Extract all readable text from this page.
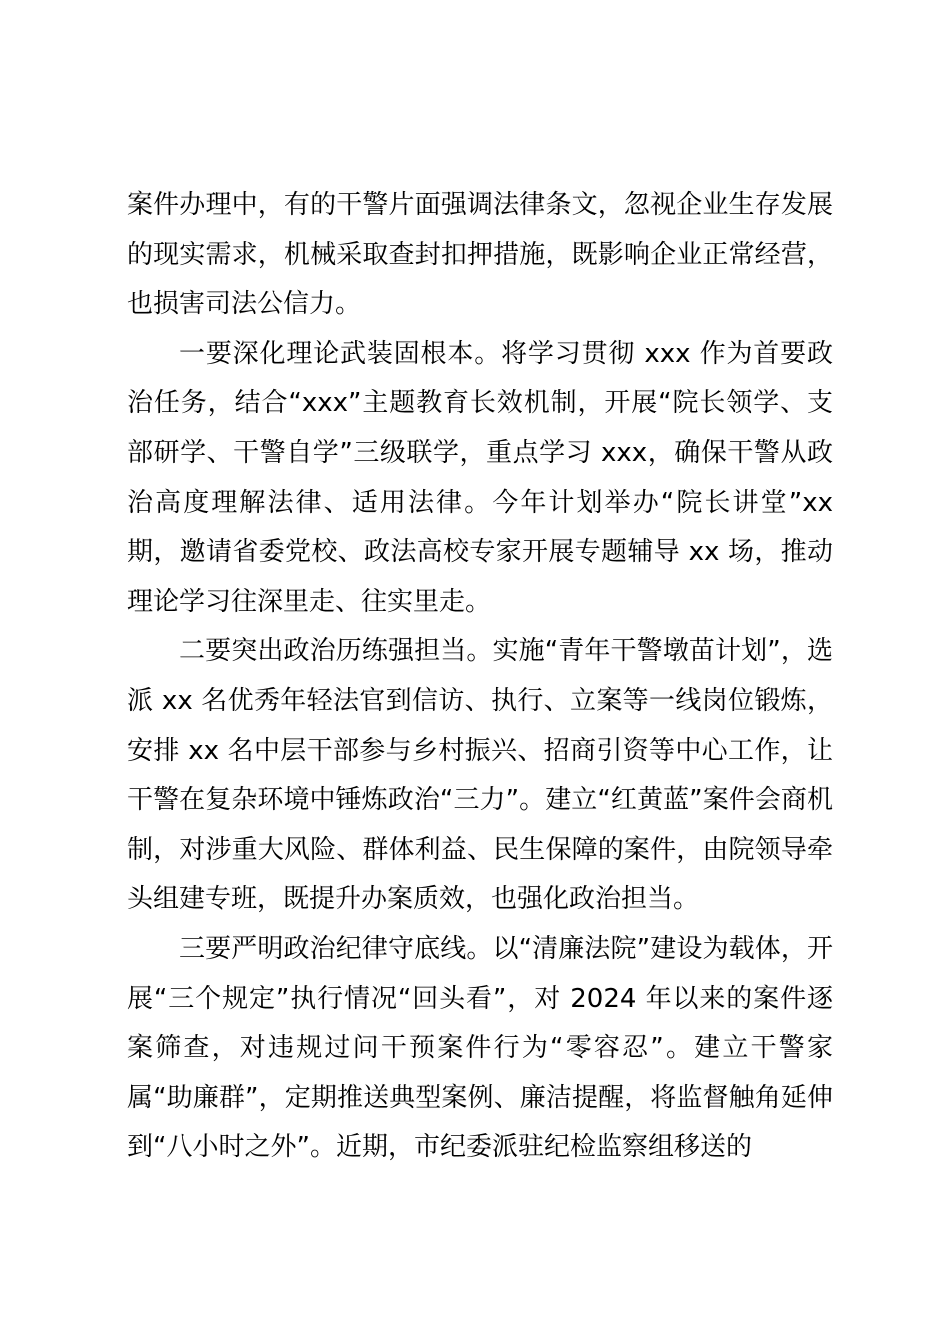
案件办理中，有的干警片面强调法律条文，忽视企业生存发展的现实需求，机械采取查封扣押措施，既影响企业正常经营，也损害司法公信力。

一要深化理论武装固根本。将学习贯彻 xxx 作为首要政治任务，结合“xxx”主题教育长效机制，开展“院长领学、支部研学、干警自学”三级联学，重点学习 xxx，确保干警从政治高度理解法律、适用法律。今年计划举办“院长讲堂”xx 期，邀请省委党校、政法高校专家开展专题辅导 xx 场，推动理论学习往深里走、往实里走。

二要突出政治历练强担当。实施“青年干警墩苗计划”，选派 xx 名优秀年轻法官到信访、执行、立案等一线岗位锻炼，安排 xx 名中层干部参与乡村振兴、招商引资等中心工作，让干警在复杂环境中锤炼政治“三力”。建立“红黄蓝”案件会商机制，对涉重大风险、群体利益、民生保障的案件，由院领导牵头组建专班，既提升办案质效，也强化政治担当。

三要严明政治纪律守底线。以“清廉法院”建设为载体，开展“三个规定”执行情况“回头看”，对 2024 年以来的案件逐案筛查，对违规过问干预案件行为“零容忍”。建立干警家属“助廉群”，定期推送典型案例、廉洁提醒，将监督触角延伸到“八小时之外”。近期，市纪委派驻纪检监察组移送的
